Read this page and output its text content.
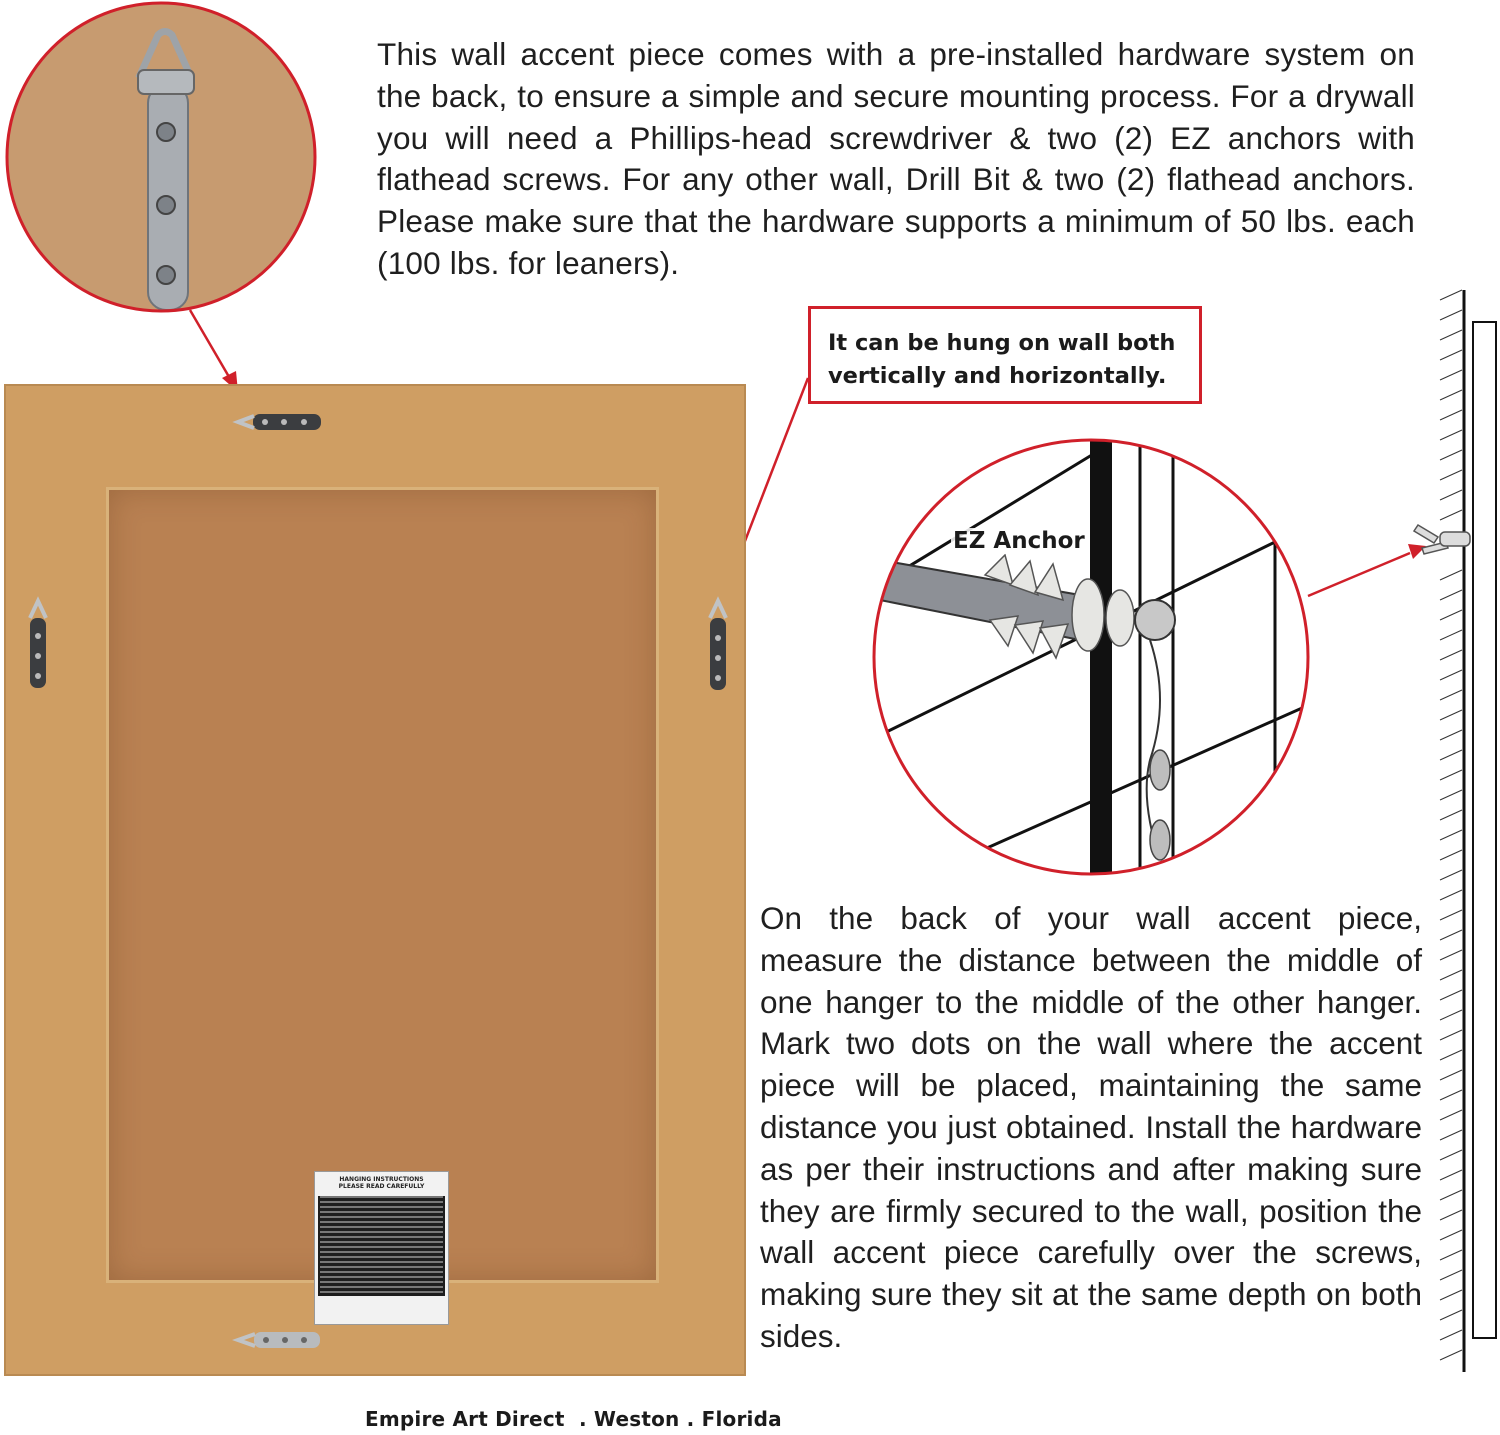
This wall accent piece comes with a pre-installed hardware system on the back, to ensure a simple and secure mounting process. For a drywall you will need a Phillips-head screwdriver & two (2) EZ anchors with flathead screws. For any other wall, Drill Bit & two (2) flathead anchors. Please make sure that the hardware supports a minimum of 50 lbs. each (100 lbs. for leaners).
HANGING INSTRUCTIONS
PLEASE READ CAREFULLY
It can be hung on wall both
vertically and horizontally.
EZ Anchor
On the back of your wall accent piece, measure the distance between the middle of one hanger to the middle of the other hanger. Mark two dots on the wall where the accent piece will be placed, maintaining the same distance you just obtained. Install the hardware as per their instructions and after making sure they are firmly secured to the wall, position the wall accent piece carefully over the screws, making sure they sit at the same depth on both sides.
Empire Art Direct  . Weston . Florida
